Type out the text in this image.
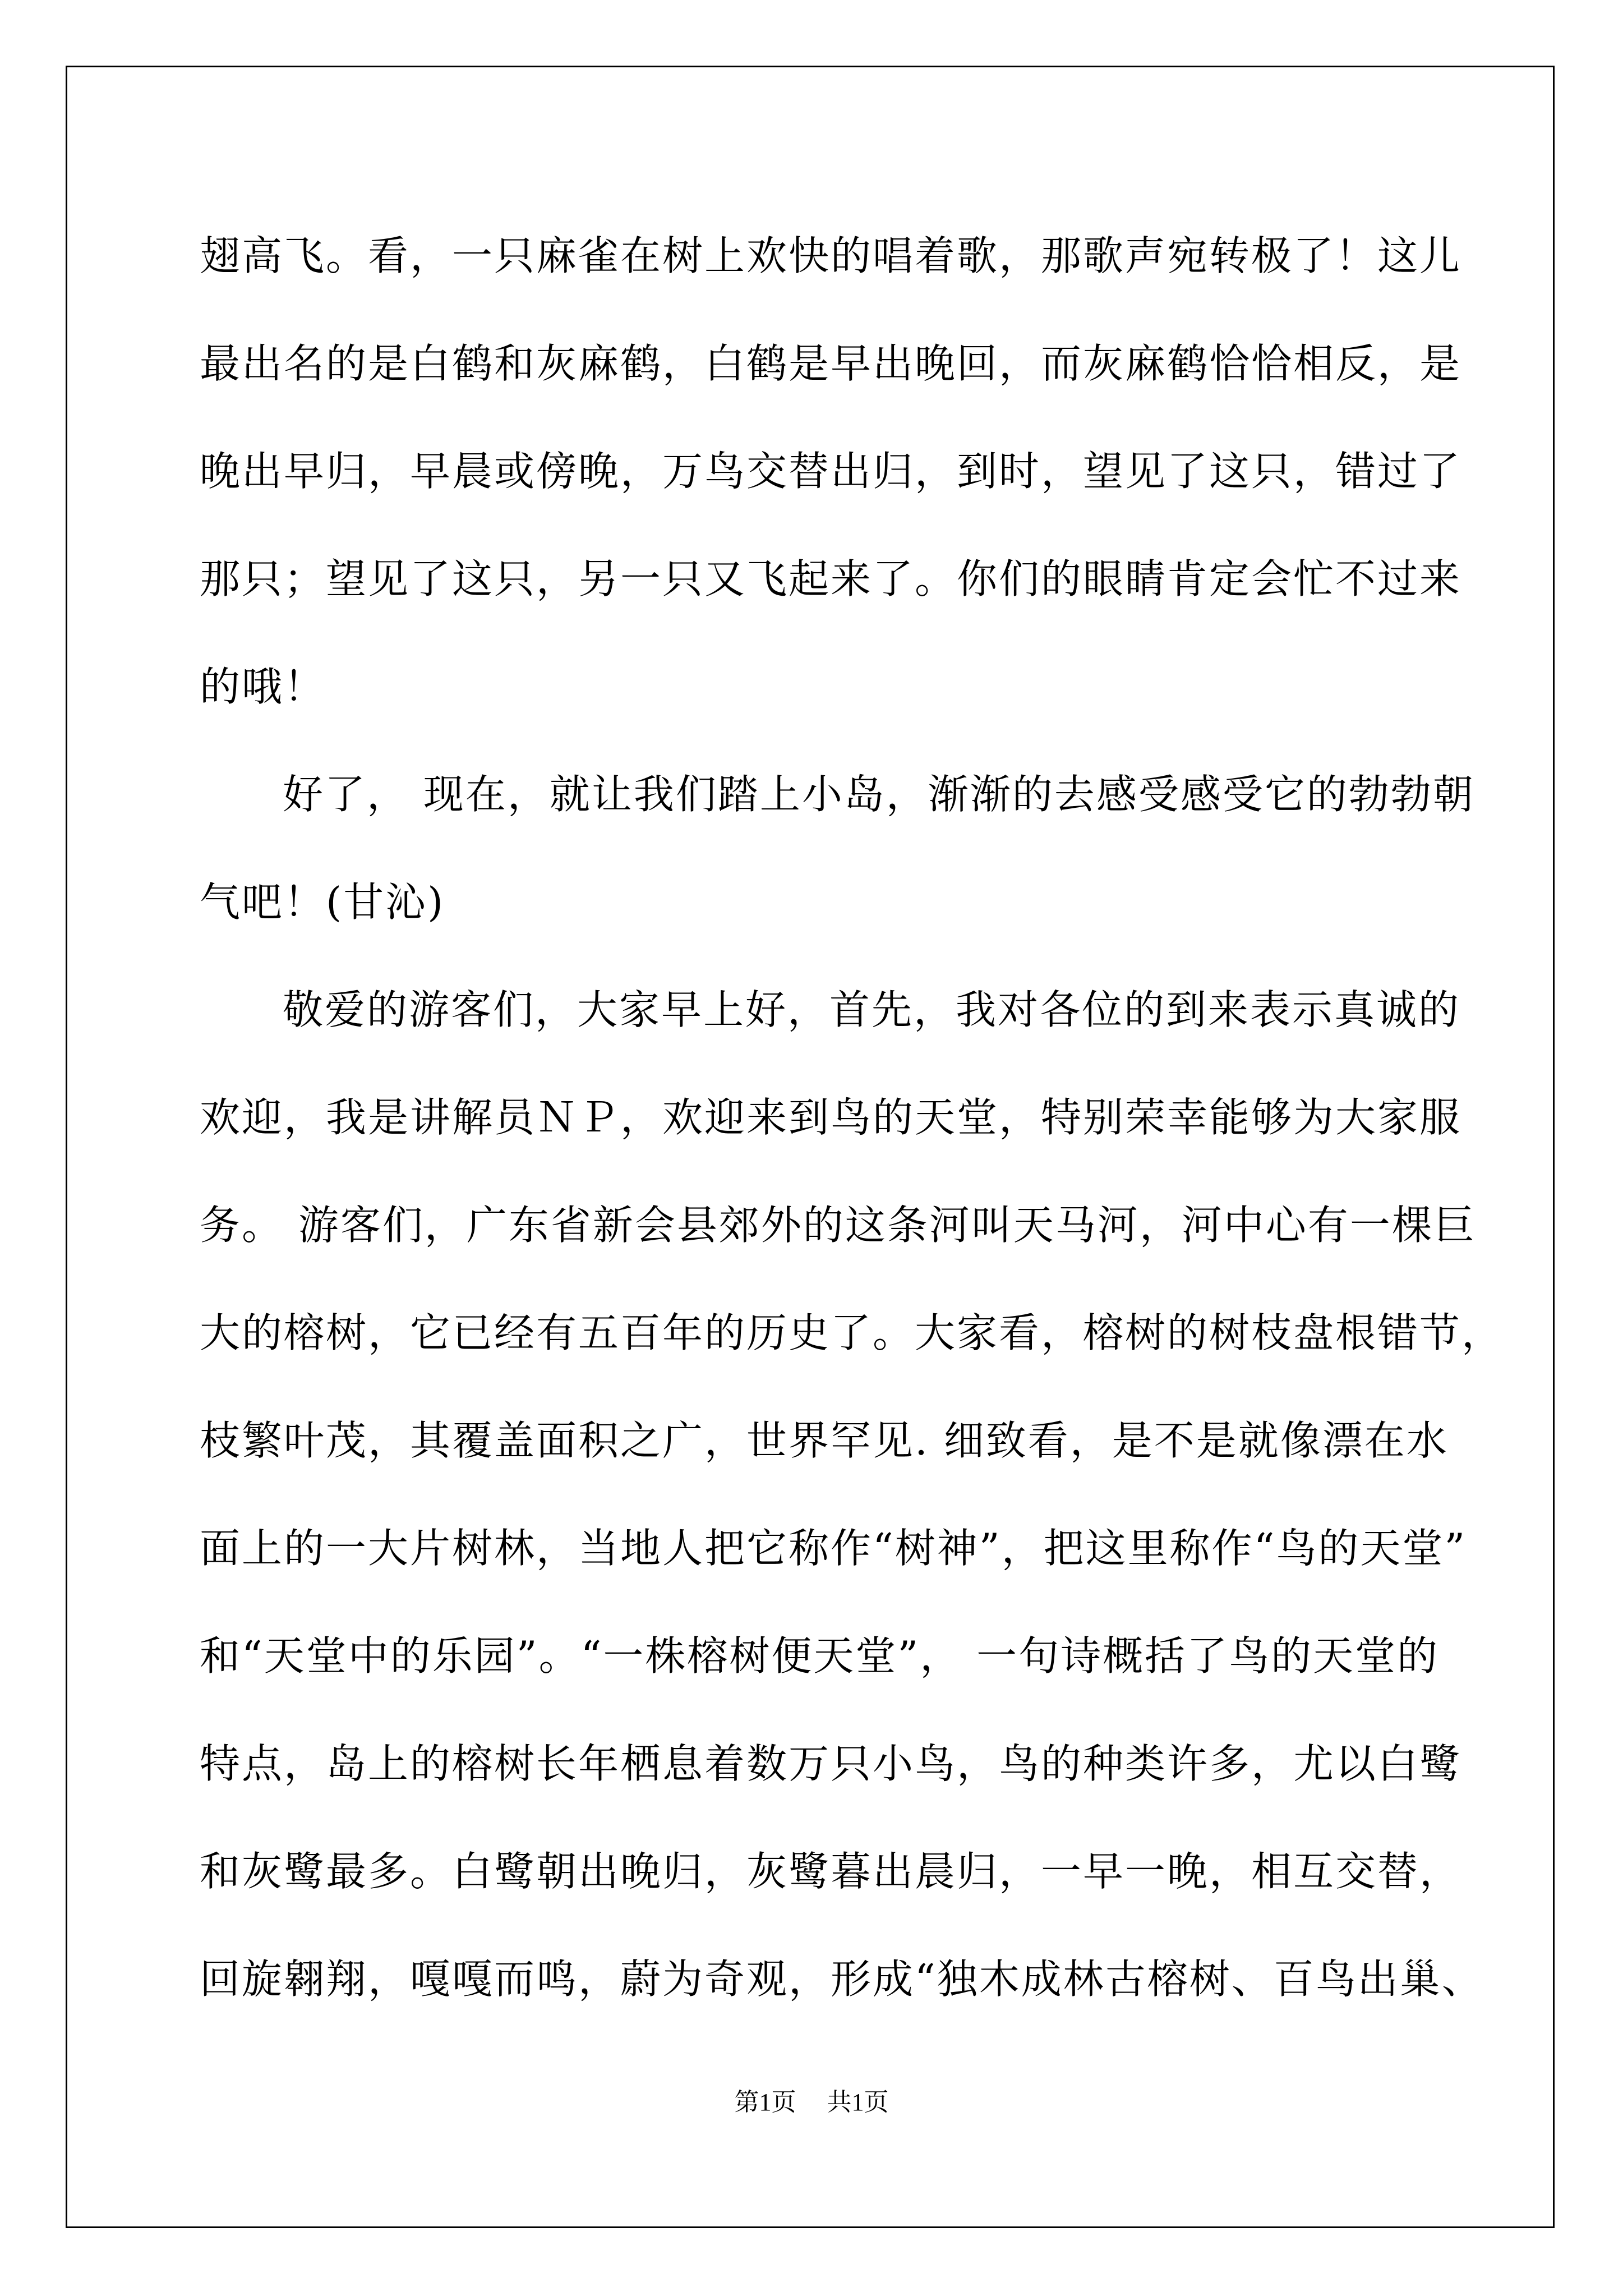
翅高飞。看，一只麻雀在树上欢快的唱着歌，那歌声宛转极了！这儿
最出名的是白鹤和灰麻鹤，白鹤是早出晚回，而灰麻鹤恰恰相反，是
晚出早归，早晨或傍晚，万鸟交替出归，到时，望见了这只，错过了
那只；望见了这只，另一只又飞起来了。你们的眼睛肯定会忙不过来
的哦！
好了， 现在，就让我们踏上小岛，渐渐的去感受感受它的勃勃朝
气吧！(甘沁)
敬爱的游客们，大家早上好，首先，我对各位的到来表示真诚的
欢迎，我是讲解员ＮＰ，欢迎来到鸟的天堂，特别荣幸能够为大家服
务。 游客们，广东省新会县郊外的这条河叫天马河，河中心有一棵巨
大的榕树，它已经有五百年的历史了。大家看，榕树的树枝盘根错节，
枝繁叶茂，其覆盖面积之广，世界罕见. 细致看，是不是就像漂在水
面上的一大片树林，当地人把它称作“树神”，把这里称作“鸟的天堂”
和“天堂中的乐园”。“一株榕树便天堂”， 一句诗概括了鸟的天堂的
特点，岛上的榕树长年栖息着数万只小鸟，鸟的种类许多，尤以白鹭
和灰鹭最多。白鹭朝出晚归，灰鹭暮出晨归，一早一晚，相互交替，
回旋翱翔，嘎嘎而鸣，蔚为奇观，形成“独木成林古榕树、百鸟出巢、
第1页 共1页
